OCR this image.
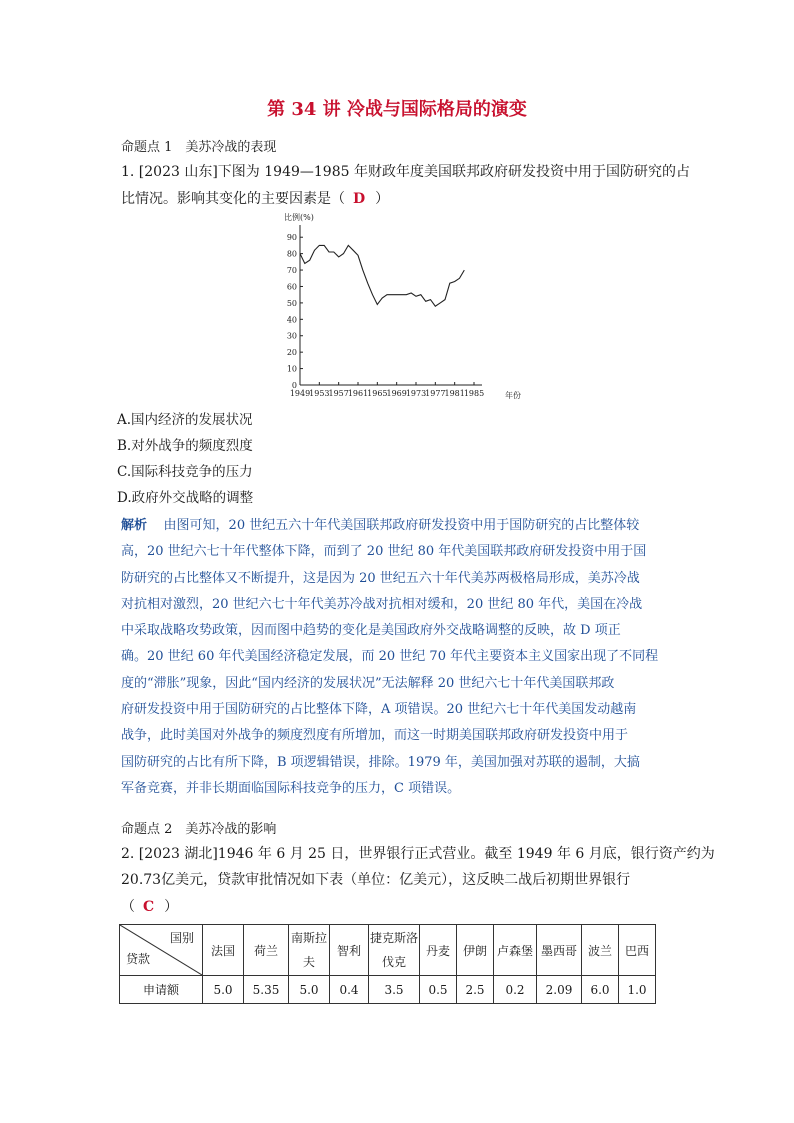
第 34 讲 冷战与国际格局的演变
命题点 1　美苏冷战的表现
1. [2023 山东]下图为 1949—1985 年财政年度美国联邦政府研发投资中用于国防研究的占
比情况。影响其变化的主要因素是（ D ）
比例(%)
年份
0
10
20
30
40
50
60
70
80
90
1949
1953
1957
1961
1965
1969
1973
1977
1981
1985
A.国内经济的发展状况
B.对外战争的频度烈度
C.国际科技竞争的压力
D.政府外交战略的调整
解析 由图可知，20 世纪五六十年代美国联邦政府研发投资中用于国防研究的占比整体较
高，20 世纪六七十年代整体下降，而到了 20 世纪 80 年代美国联邦政府研发投资中用于国
防研究的占比整体又不断提升，这是因为 20 世纪五六十年代美苏两极格局形成，美苏冷战
对抗相对激烈，20 世纪六七十年代美苏冷战对抗相对缓和，20 世纪 80 年代，美国在冷战
中采取战略攻势政策，因而图中趋势的变化是美国政府外交战略调整的反映，故 D 项正
确。20 世纪 60 年代美国经济稳定发展，而 20 世纪 70 年代主要资本主义国家出现了不同程
度的“滞胀”现象，因此“国内经济的发展状况”无法解释 20 世纪六七十年代美国联邦政
府研发投资中用于国防研究的占比整体下降，A 项错误。20 世纪六七十年代美国发动越南
战争，此时美国对外战争的频度烈度有所增加，而这一时期美国联邦政府研发投资中用于
国防研究的占比有所下降，B 项逻辑错误，排除。1979 年，美国加强对苏联的遏制，大搞
军备竞赛，并非长期面临国际科技竞争的压力，C 项错误。
命题点 2　美苏冷战的影响
2. [2023 湖北]1946 年 6 月 25 日，世界银行正式营业。截至 1949 年 6 月底，银行资产约为
20.73亿美元，贷款审批情况如下表（单位：亿美元），这反映二战后初期世界银行
（ C ）
国别
贷款	法国	荷兰	南斯拉夫	智利	捷克斯洛伐克	丹麦	伊朗	卢森堡	墨西哥	波兰	巴西
申请额	5.0	5.35	5.0	0.4	3.5	0.5	2.5	0.2	2.09	6.0	1.0
